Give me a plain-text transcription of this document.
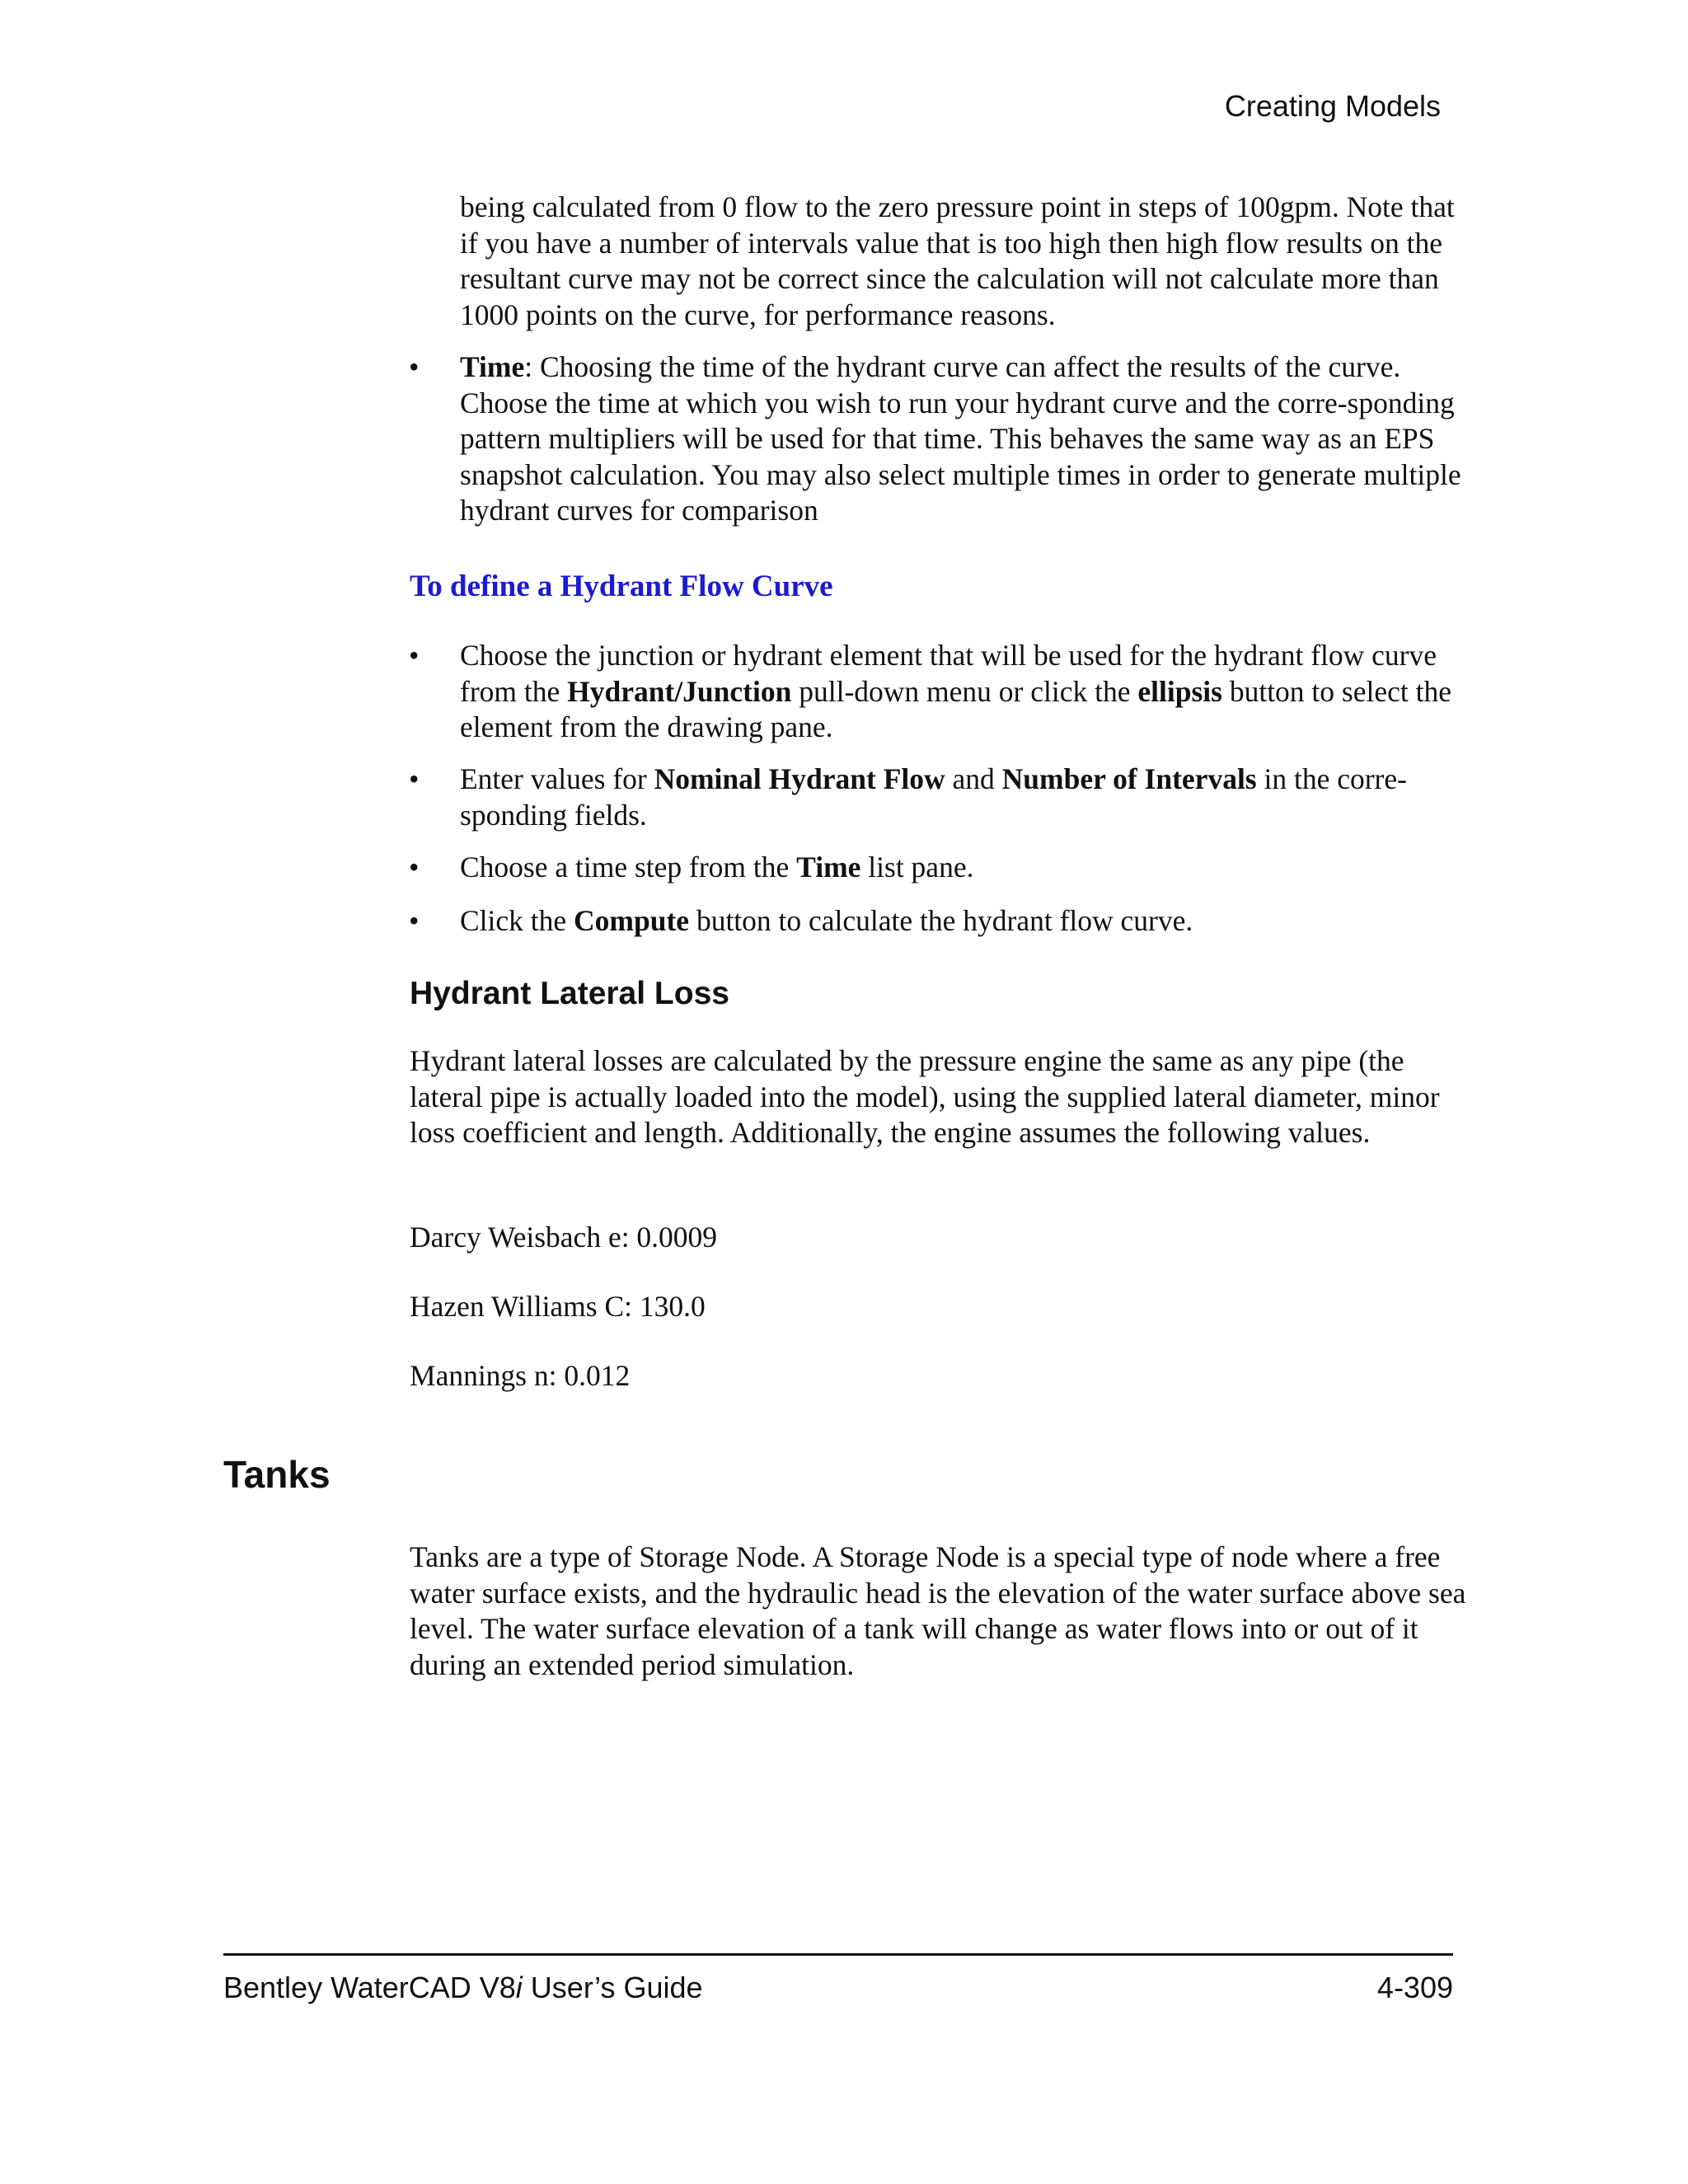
Creating Models
being calculated from 0 flow to the zero pressure point in steps of 100gpm. Note that if you have a number of intervals value that is too high then high flow results on the resultant curve may not be correct since the calculation will not calculate more than 1000 points on the curve, for performance reasons.
•	Time: Choosing the time of the hydrant curve can affect the results of the curve. Choose the time at which you wish to run your hydrant curve and the corre-sponding pattern multipliers will be used for that time. This behaves the same way as an EPS snapshot calculation. You may also select multiple times in order to generate multiple hydrant curves for comparison
To define a Hydrant Flow Curve
•	Choose the junction or hydrant element that will be used for the hydrant flow curve from the Hydrant/Junction pull-down menu or click the ellipsis button to select the element from the drawing pane.
•	Enter values for Nominal Hydrant Flow and Number of Intervals in the corre-sponding fields.
•	Choose a time step from the Time list pane.
•	Click the Compute button to calculate the hydrant flow curve.
Hydrant Lateral Loss
Hydrant lateral losses are calculated by the pressure engine the same as any pipe (the lateral pipe is actually loaded into the model), using the supplied lateral diameter, minor loss coefficient and length. Additionally, the engine assumes the following values.
Darcy Weisbach e: 0.0009
Hazen Williams C: 130.0
Mannings n: 0.012
Tanks
Tanks are a type of Storage Node. A Storage Node is a special type of node where a free water surface exists, and the hydraulic head is the elevation of the water surface above sea level. The water surface elevation of a tank will change as water flows into or out of it during an extended period simulation.
Bentley WaterCAD V8i User’s Guide	4-309
